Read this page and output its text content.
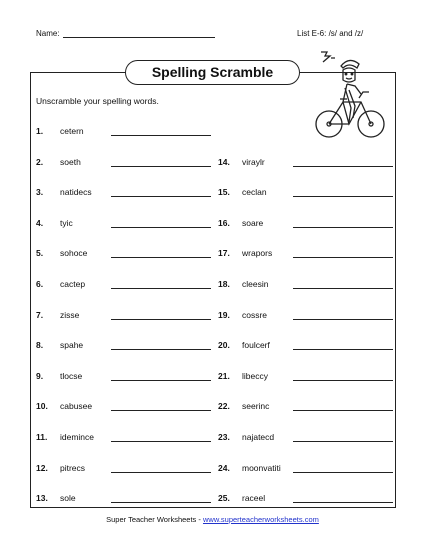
Name:	List E-6: /s/ and /z/
Spelling Scramble
Unscramble your spelling words.
1.	cetern
2.	soeth
3.	natidecs
4.	tyic
5.	sohoce
6.	cactep
7.	zisse
8.	spahe
9.	tlocse
10.	cabusee
11.	idemince
12.	pitrecs
13.	sole
14.	viraylr
15.	ceclan
16.	soare
17.	wrapors
18.	cleesin
19.	cossre
20.	foulcerf
21.	libeccy
22.	seerinc
23.	najatecd
24.	moonvatiti
25.	raceel
Super Teacher Worksheets - www.superteacherworksheets.com
